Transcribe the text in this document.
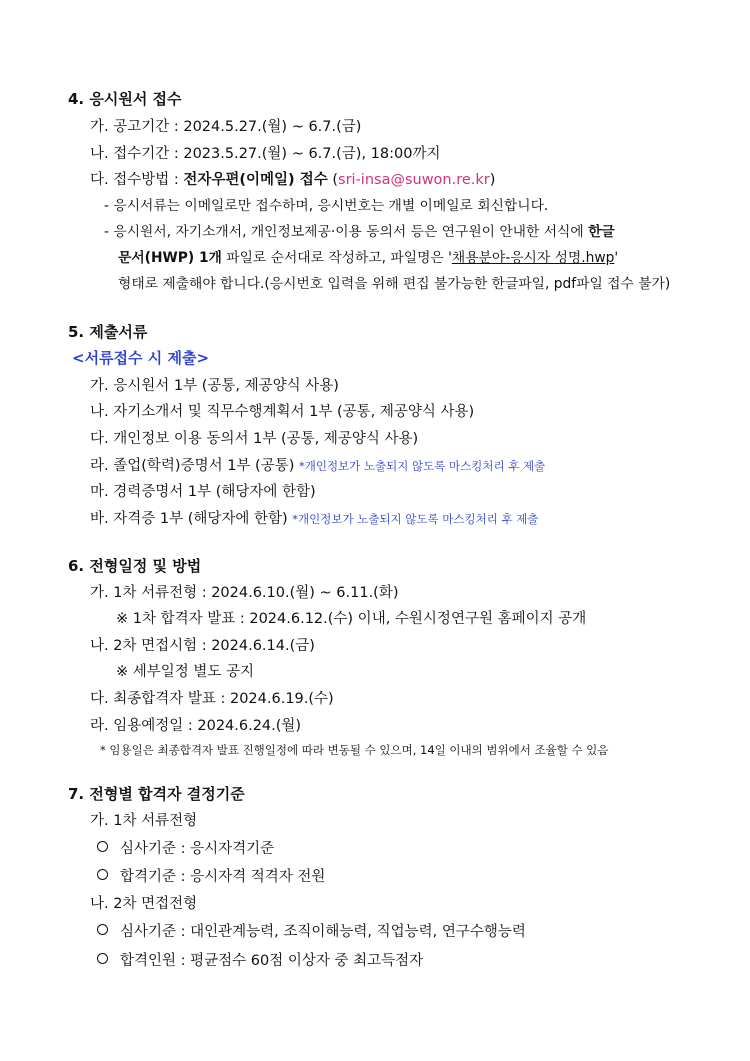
4. 응시원서 접수
가. 공고기간 : 2024.5.27.(월) ~ 6.7.(금)
나. 접수기간 : 2023.5.27.(월) ~ 6.7.(금), 18:00까지
다. 접수방법 : 전자우편(이메일) 접수 (sri-insa@suwon.re.kr)
- 응시서류는 이메일로만 접수하며, 응시번호는 개별 이메일로 회신합니다.
- 응시원서, 자기소개서, 개인정보제공·이용 동의서 등은 연구원이 안내한 서식에 한글
문서(HWP) 1개 파일로 순서대로 작성하고, 파일명은 '채용분야-응시자 성명.hwp'
형태로 제출해야 합니다.(응시번호 입력을 위해 편집 불가능한 한글파일, pdf파일 접수 불가)
5. 제출서류
<서류접수 시 제출>
가. 응시원서 1부 (공통, 제공양식 사용)
나. 자기소개서 및 직무수행계획서 1부 (공통, 제공양식 사용)
다. 개인정보 이용 동의서 1부 (공통, 제공양식 사용)
라. 졸업(학력)증명서 1부 (공통) *개인정보가 노출되지 않도록 마스킹처리 후 제출
마. 경력증명서 1부 (해당자에 한함)
바. 자격증 1부 (해당자에 한함) *개인정보가 노출되지 않도록 마스킹처리 후 제출
6. 전형일정 및 방법
가. 1차 서류전형 : 2024.6.10.(월) ~ 6.11.(화)
※ 1차 합격자 발표 : 2024.6.12.(수) 이내, 수원시정연구원 홈페이지 공개
나. 2차 면접시험 : 2024.6.14.(금)
※ 세부일정 별도 공지
다. 최종합격자 발표 : 2024.6.19.(수)
라. 임용예정일 : 2024.6.24.(월)
* 임용일은 최종합격자 발표 진행일정에 따라 변동될 수 있으며, 14일 이내의 범위에서 조율할 수 있음
7. 전형별 합격자 결정기준
가. 1차 서류전형
심사기준 : 응시자격기준
합격기준 : 응시자격 적격자 전원
나. 2차 면접전형
심사기준 : 대인관계능력, 조직이해능력, 직업능력, 연구수행능력
합격인원 : 평균점수 60점 이상자 중 최고득점자
